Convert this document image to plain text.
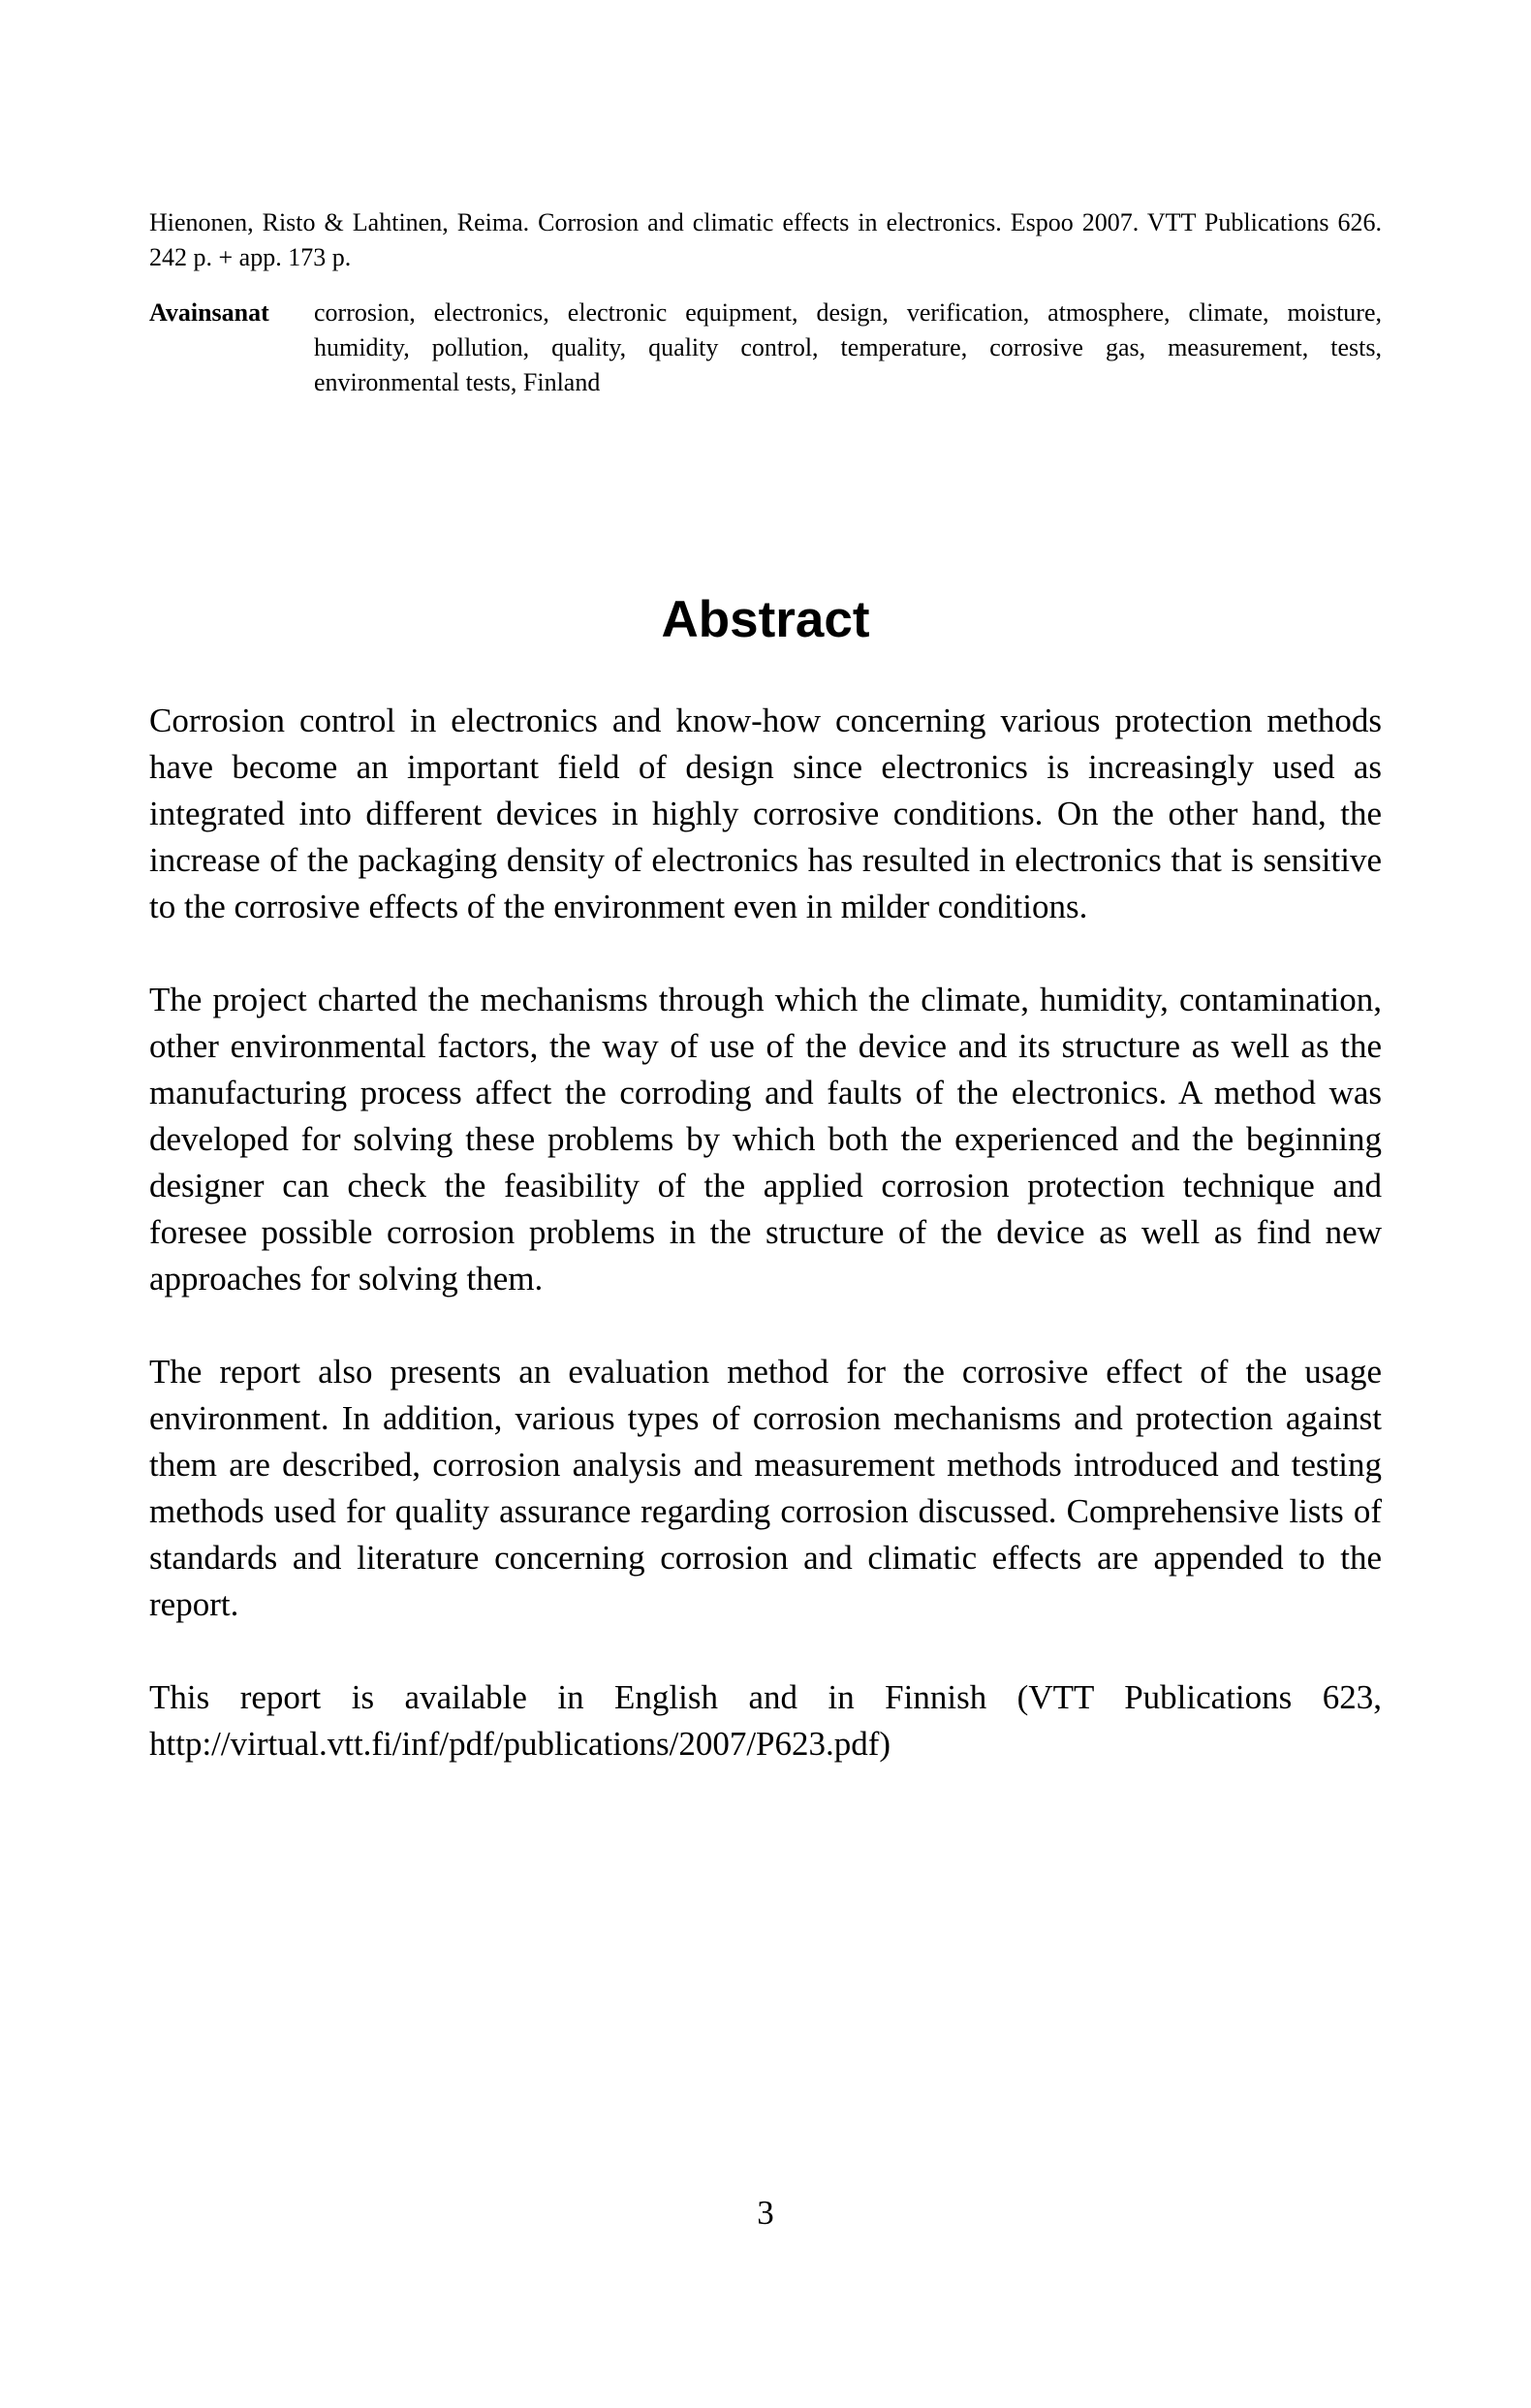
Hienonen, Risto & Lahtinen, Reima. Corrosion and climatic effects in electronics. Espoo 2007. VTT Publications 626. 242 p. + app. 173 p.

Avainsanat	corrosion, electronics, electronic equipment, design, verification, atmosphere, climate, moisture, humidity, pollution, quality, quality control, temperature, corrosive gas, measurement, tests, environmental tests, Finland
Abstract

Corrosion control in electronics and know-how concerning various protection methods have become an important field of design since electronics is increasingly used as integrated into different devices in highly corrosive conditions. On the other hand, the increase of the packaging density of electronics has resulted in electronics that is sensitive to the corrosive effects of the environment even in milder conditions.

The project charted the mechanisms through which the climate, humidity, contamination, other environmental factors, the way of use of the device and its structure as well as the manufacturing process affect the corroding and faults of the electronics. A method was developed for solving these problems by which both the experienced and the beginning designer can check the feasibility of the applied corrosion protection technique and foresee possible corrosion problems in the structure of the device as well as find new approaches for solving them.

The report also presents an evaluation method for the corrosive effect of the usage environment. In addition, various types of corrosion mechanisms and protection against them are described, corrosion analysis and measurement methods introduced and testing methods used for quality assurance regarding corrosion discussed. Comprehensive lists of standards and literature concerning corrosion and climatic effects are appended to the report.

This report is available in English and in Finnish (VTT Publications 623, http://virtual.vtt.fi/inf/pdf/publications/2007/P623.pdf)

3
